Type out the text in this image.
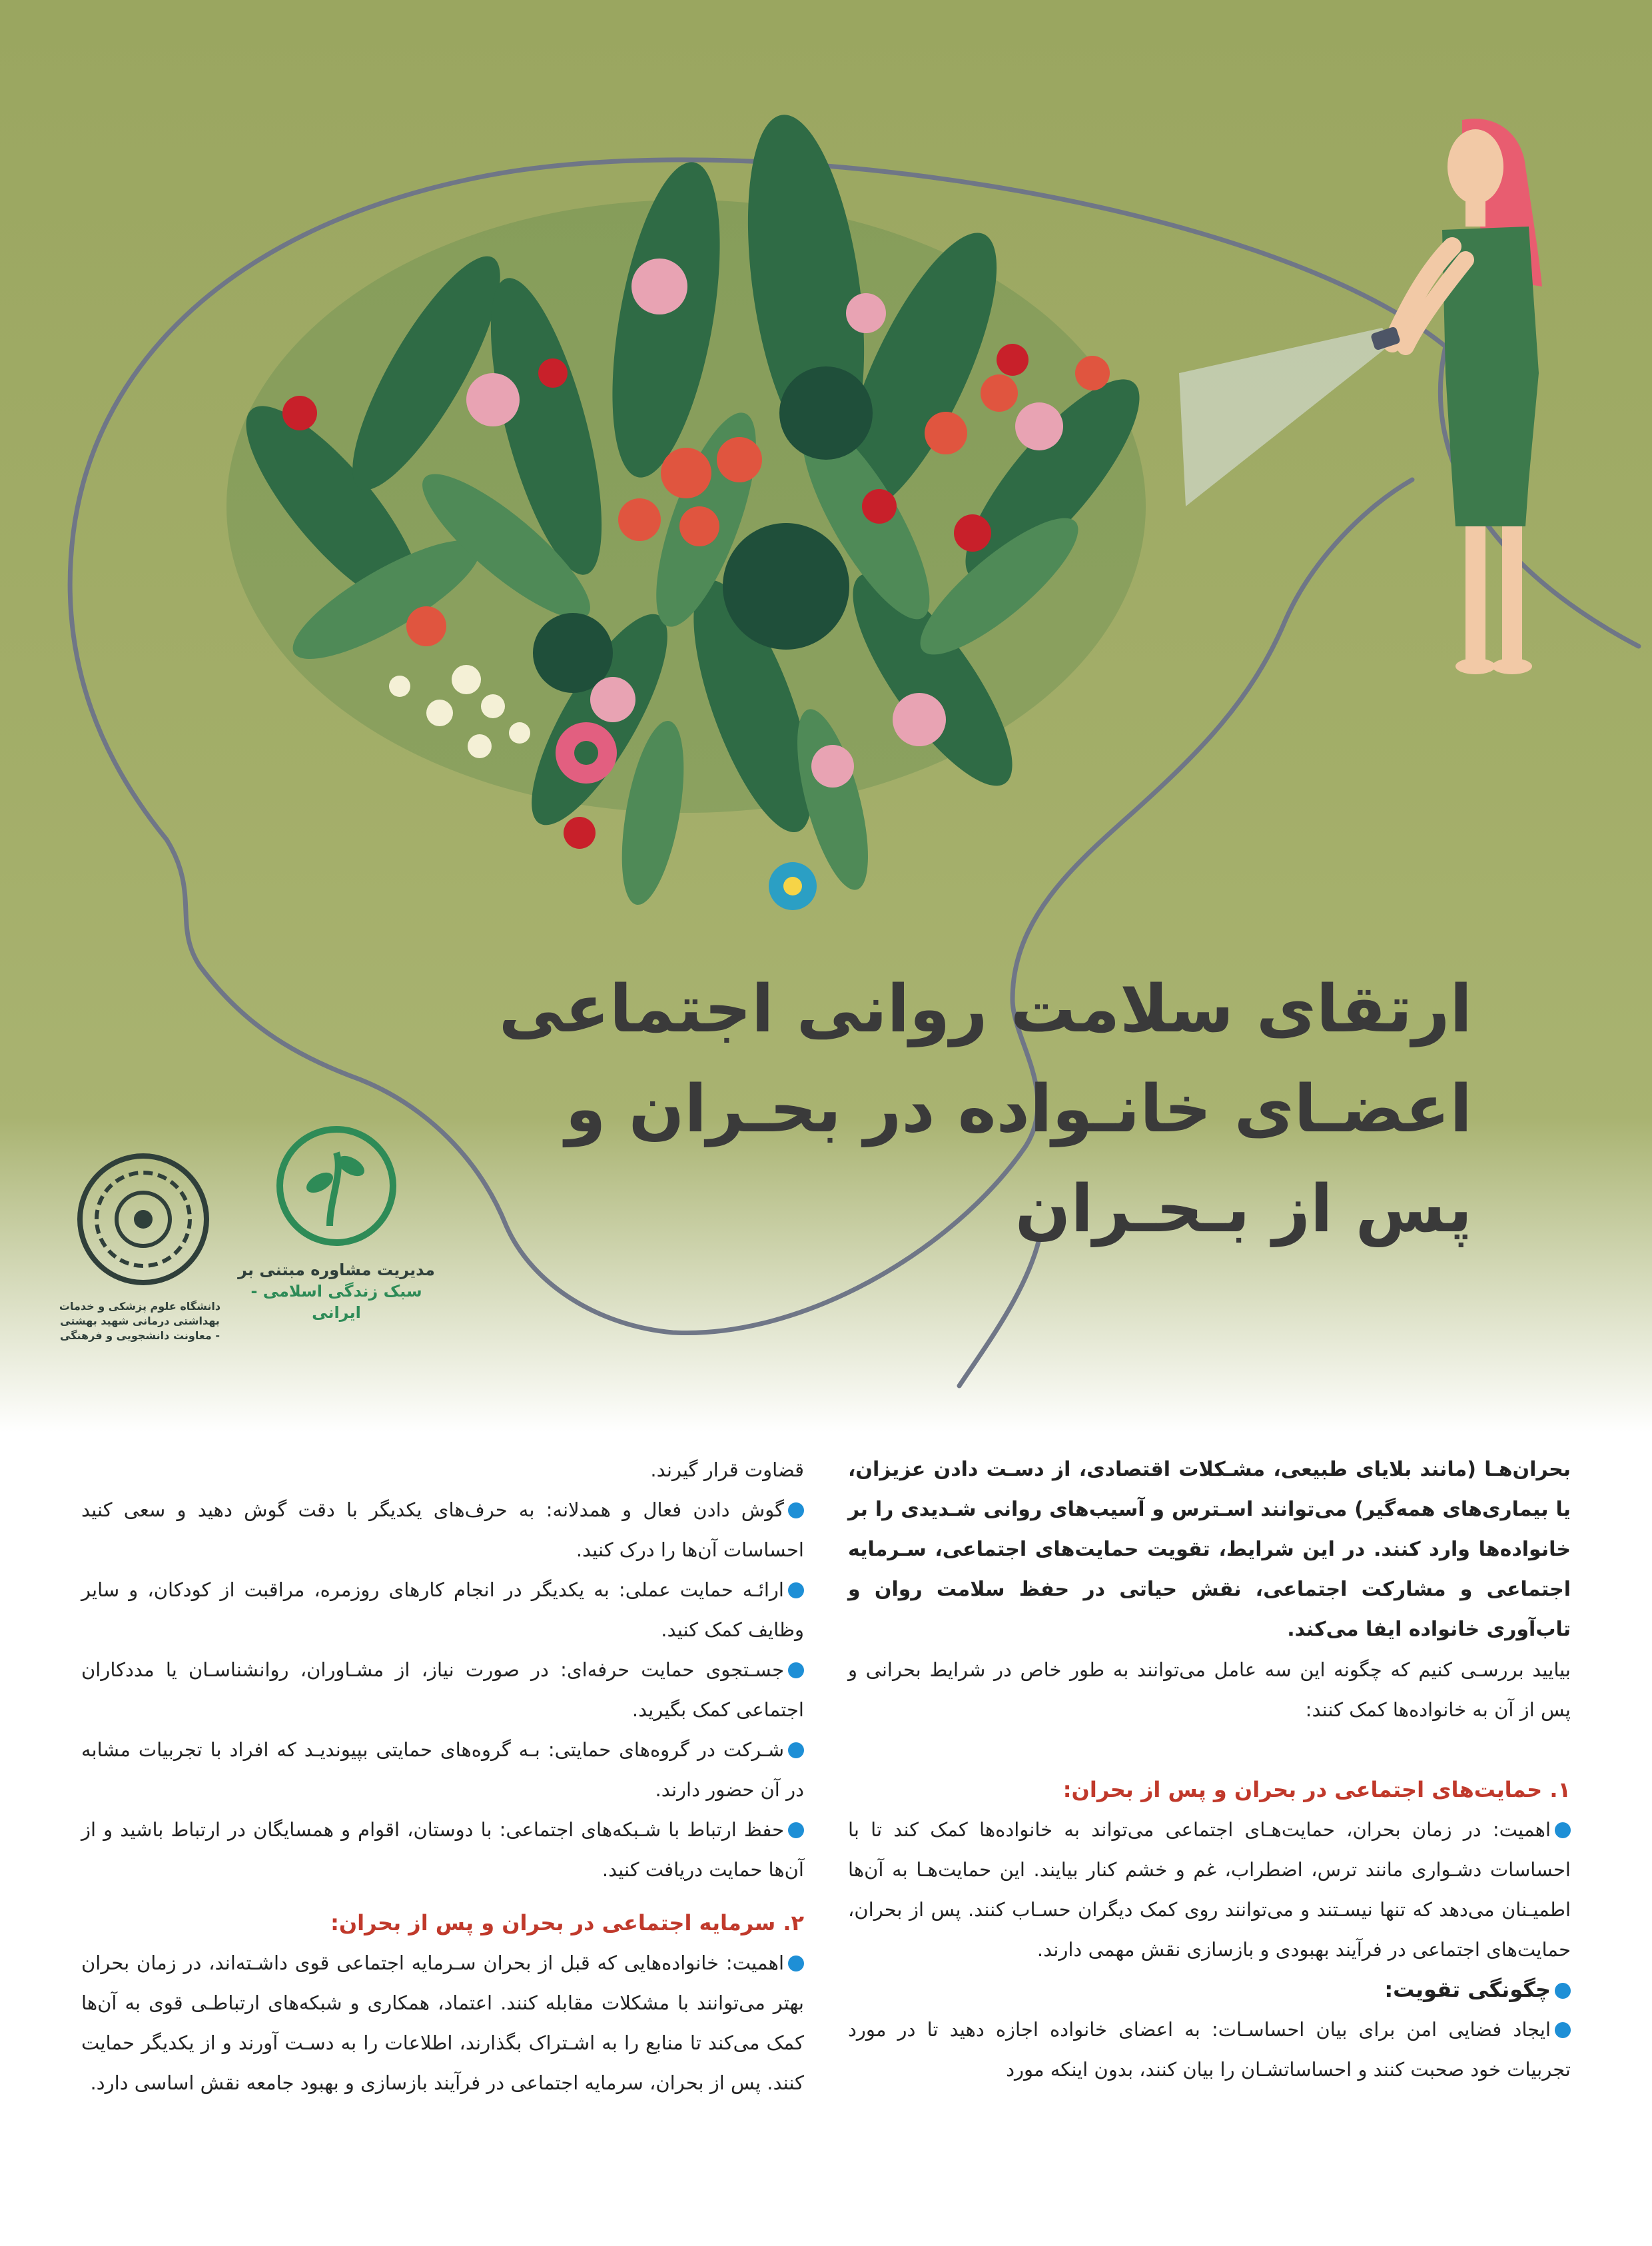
ارتقای سلامت روانی اجتماعی
اعضـای خانـواده در بحـران و
پس از بـحـران
مدیریت مشاوره مبتنی بر
سبک زندگی اسلامی - ایرانی
دانشگاه علوم پزشکی و خدمات بهداشتی درمانی شهید بهشتی - معاونت دانشجویی و فرهنگی

بحران‌هـا (مانند بلایای طبیعی، مشـکلات اقتصادی، از دسـت دادن عزیزان، یا بیماری‌های همه‌گیر) می‌توانند اسـترس و آسیب‌های روانی شـدیدی را بر خانواده‌ها وارد کنند. در این شرایط، تقویت حمایت‌های اجتماعی، سـرمایه اجتماعی و مشارکت اجتماعی، نقش حیاتی در حفظ سلامت روان و تاب‌آوری خانواده ایفا می‌کند.

بیایید بررسـی کنیم که چگونه این سه عامل می‌توانند به طور خاص در شرایط بحرانی و پس از آن به خانواده‌ها کمک کنند:

۱. حمایت‌های اجتماعی در بحران و پس از بحران:

اهمیت: در زمان بحران، حمایت‌هـای اجتماعی می‌تواند به خانواده‌ها کمک کند تا با احساسات دشـواری مانند ترس، اضطراب، غم و خشم کنار بیایند. این حمایت‌هـا به آن‌ها اطمیـنان می‌دهد که تنها نیسـتند و می‌توانند روی کمک دیگران حسـاب کنند. پس از بحران، حمایت‌های اجتماعی در فرآیند بهبودی و بازسازی نقش مهمی دارند.

چگونگی تقویت:

ایجاد فضایی امن برای بیان احساسـات: به اعضای خانواده اجازه دهید تا در مورد تجربیات خود صحبت کنند و احساساتشـان را بیان کنند، بدون اینکه مورد

قضاوت قرار گیرند.

گوش دادن فعال و همدلانه: به حرف‌های یکدیگر با دقت گوش دهید و سعی کنید احساسات آن‌ها را درک کنید.

ارائـه حمایت عملی: به یکدیگر در انجام کارهای روزمره، مراقبت از کودکان، و سایر وظایف کمک کنید.

جسـتجوی حمایت حرفه‌ای: در صورت نیاز، از مشـاوران، روانشناسـان یا مددکاران اجتماعی کمک بگیرید.

شـرکت در گروه‌های حمایتی: بـه گروه‌های حمایتی بپیوندیـد که افراد با تجربیات مشابه در آن حضور دارند.

حفظ ارتباط با شـبکه‌های اجتماعی: با دوستان، اقوام و همسایگان در ارتباط باشید و از آن‌ها حمایت دریافت کنید.

۲. سرمایه اجتماعی در بحران و پس از بحران:

اهمیت: خانواده‌هایی که قبل از بحران سـرمایه اجتماعی قوی داشـته‌اند، در زمان بحران بهتر می‌توانند با مشکلات مقابله کنند. اعتماد، همکاری و شبکه‌های ارتباطـی قوی به آن‌ها کمک می‌کند تا منابع را به اشـتراک بگذارند، اطلاعات را به دسـت آورند و از یکدیگر حمایت کنند. پس از بحران، سرمایه اجتماعی در فرآیند بازسازی و بهبود جامعه نقش اساسی دارد.
